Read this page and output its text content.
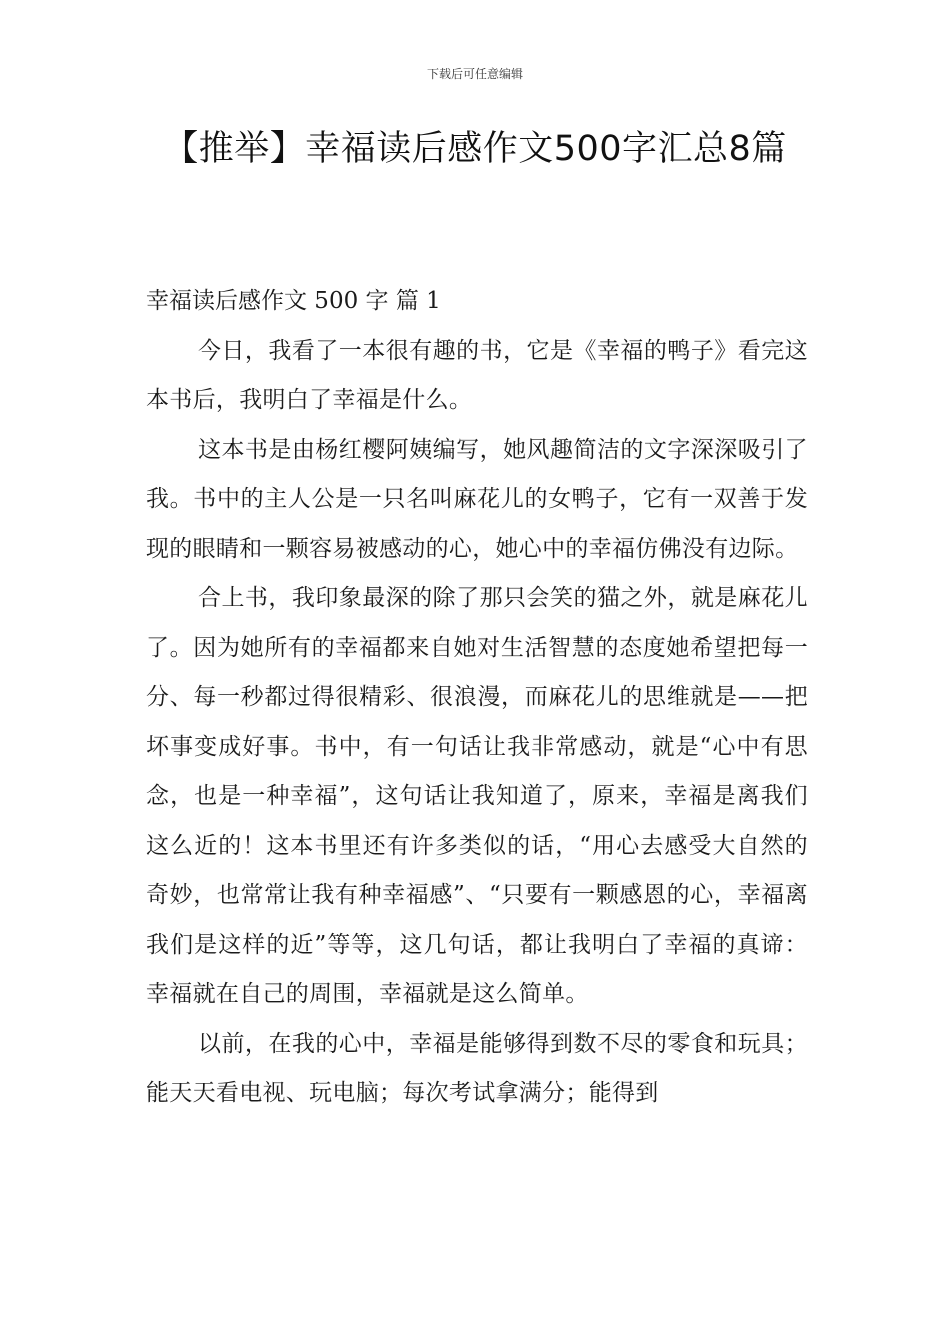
下载后可任意编辑
【推举】幸福读后感作文500字汇总8篇
幸福读后感作文 500 字 篇 1

今日，我看了一本很有趣的书，它是《幸福的鸭子》看完这本书后，我明白了幸福是什么。

这本书是由杨红樱阿姨编写，她风趣简洁的文字深深吸引了我。书中的主人公是一只名叫麻花儿的女鸭子，它有一双善于发现的眼睛和一颗容易被感动的心，她心中的幸福仿佛没有边际。

合上书，我印象最深的除了那只会笑的猫之外，就是麻花儿了。因为她所有的幸福都来自她对生活智慧的态度她希望把每一分、每一秒都过得很精彩、很浪漫，而麻花儿的思维就是——把坏事变成好事。书中，有一句话让我非常感动，就是“心中有思念，也是一种幸福”，这句话让我知道了，原来，幸福是离我们这么近的！这本书里还有许多类似的话，“用心去感受大自然的奇妙，也常常让我有种幸福感”、“只要有一颗感恩的心，幸福离我们是这样的近”等等，这几句话，都让我明白了幸福的真谛：幸福就在自己的周围，幸福就是这么简单。

以前，在我的心中，幸福是能够得到数不尽的零食和玩具；能天天看电视、玩电脑；每次考试拿满分；能得到
